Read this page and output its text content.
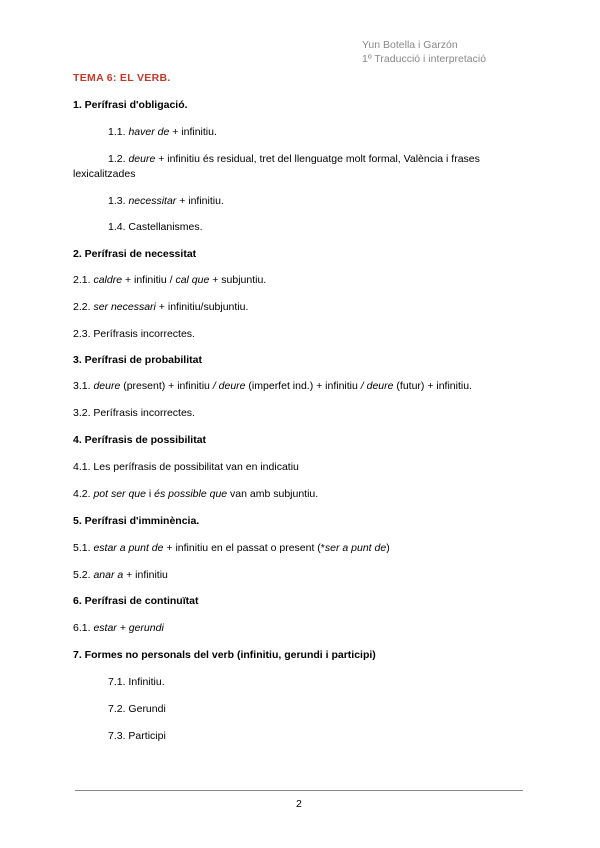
Yun Botella i Garzón
1º Traducció i interpretació
TEMA 6: EL VERB.
1. Perífrasi d'obligació.
1.1. haver de + infinitiu.
1.2. deure + infinitiu és residual, tret del llenguatge molt formal, València i frases lexicalitzades
1.3. necessitar + infinitiu.
1.4. Castellanismes.
2. Perífrasi de necessitat
2.1. caldre + infinitiu / cal que + subjuntiu.
2.2. ser necessari + infinitiu/subjuntiu.
2.3. Perífrasis incorrectes.
3. Perífrasi de probabilitat
3.1. deure (present) + infinitiu / deure (imperfet ind.) + infinitiu / deure (futur) + infinitiu.
3.2. Perífrasis incorrectes.
4. Perífrasis de possibilitat
4.1. Les perífrasis de possibilitat van en indicatiu
4.2. pot ser que i és possible que van amb subjuntiu.
5. Perífrasi d'imminència.
5.1. estar a punt de + infinitiu en el passat o present (*ser a punt de)
5.2. anar a + infinitiu
6. Perífrasi de continuïtat
6.1. estar + gerundi
7. Formes no personals del verb (infinitiu, gerundi i participi)
7.1. Infinitiu.
7.2. Gerundi
7.3. Participi
2
